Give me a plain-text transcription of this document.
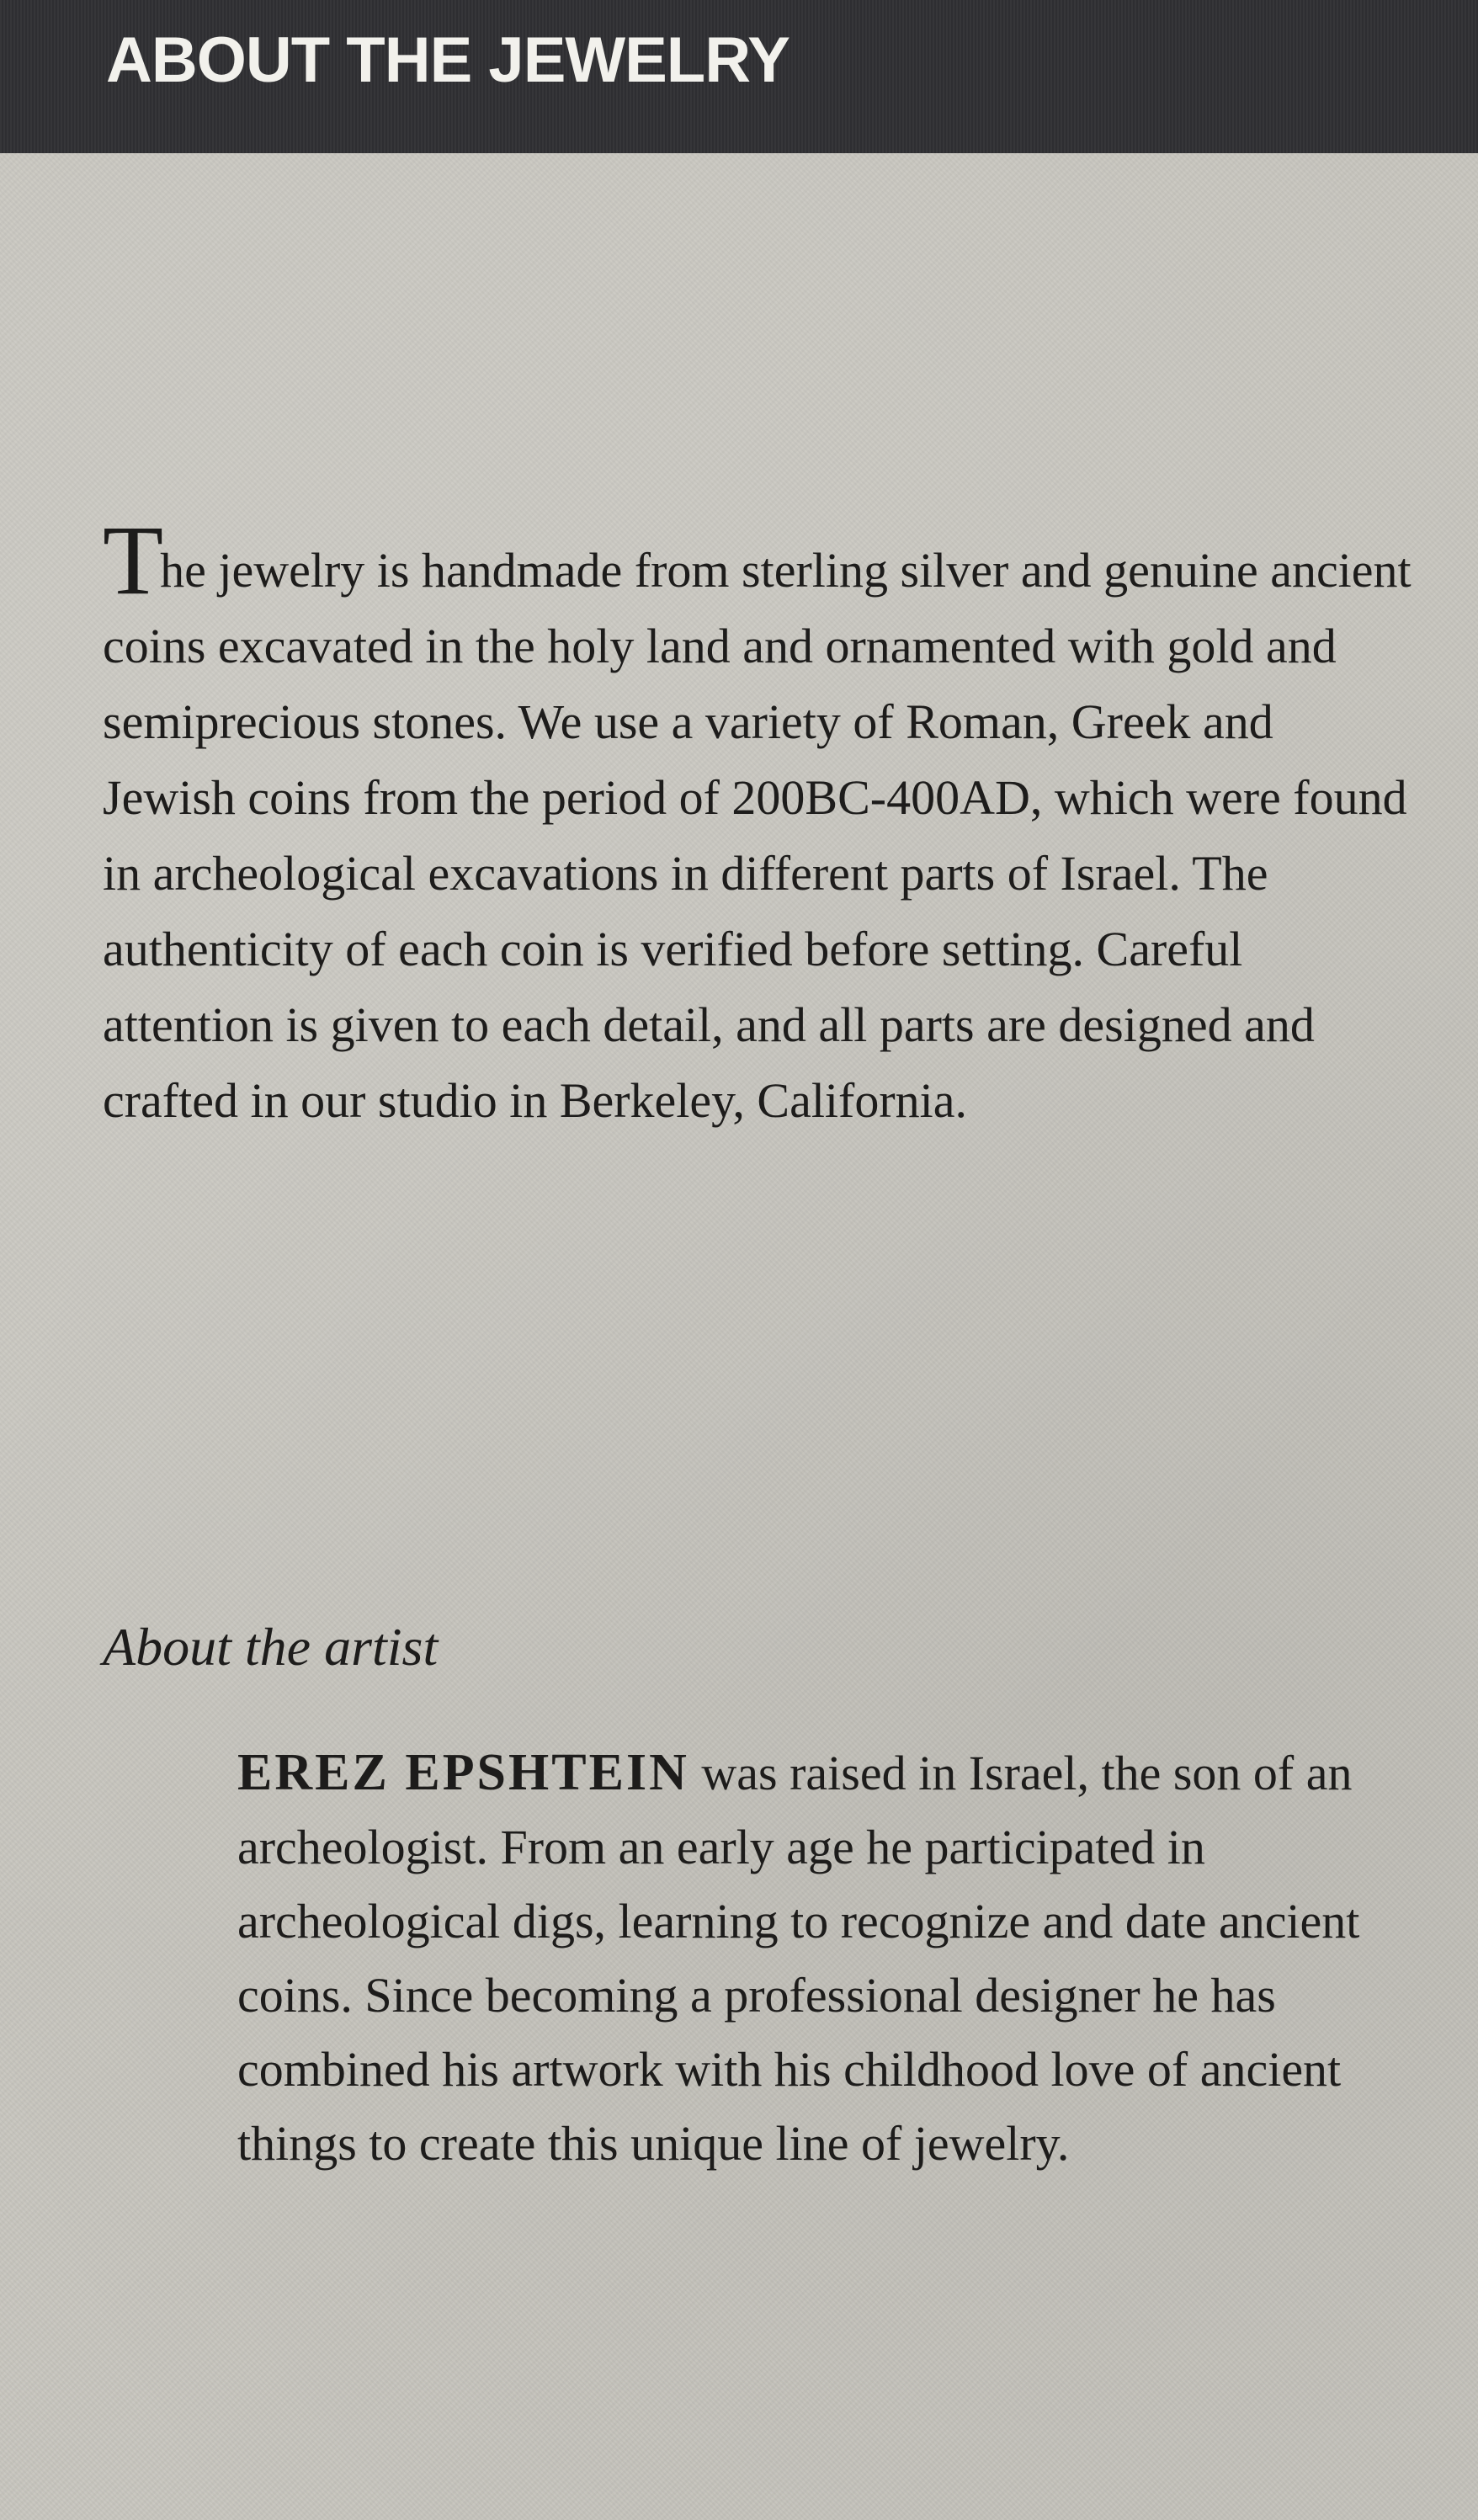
ABOUT THE JEWELRY

The jewelry is handmade from sterling silver and genuine ancient coins excavated in the holy land and ornamented with gold and semiprecious stones. We use a variety of Roman, Greek and Jewish coins from the period of 200BC-400AD, which were found in archeological excavations in different parts of Israel. The authenticity of each coin is verified before setting. Careful attention is given to each detail, and all parts are designed and crafted in our studio in Berkeley, California.

About the artist

EREZ EPSHTEIN was raised in Israel, the son of an archeologist. From an early age he participated in archeological digs, learning to recognize and date ancient coins. Since becoming a professional designer he has combined his artwork with his childhood love of ancient things to create this unique line of jewelry.
